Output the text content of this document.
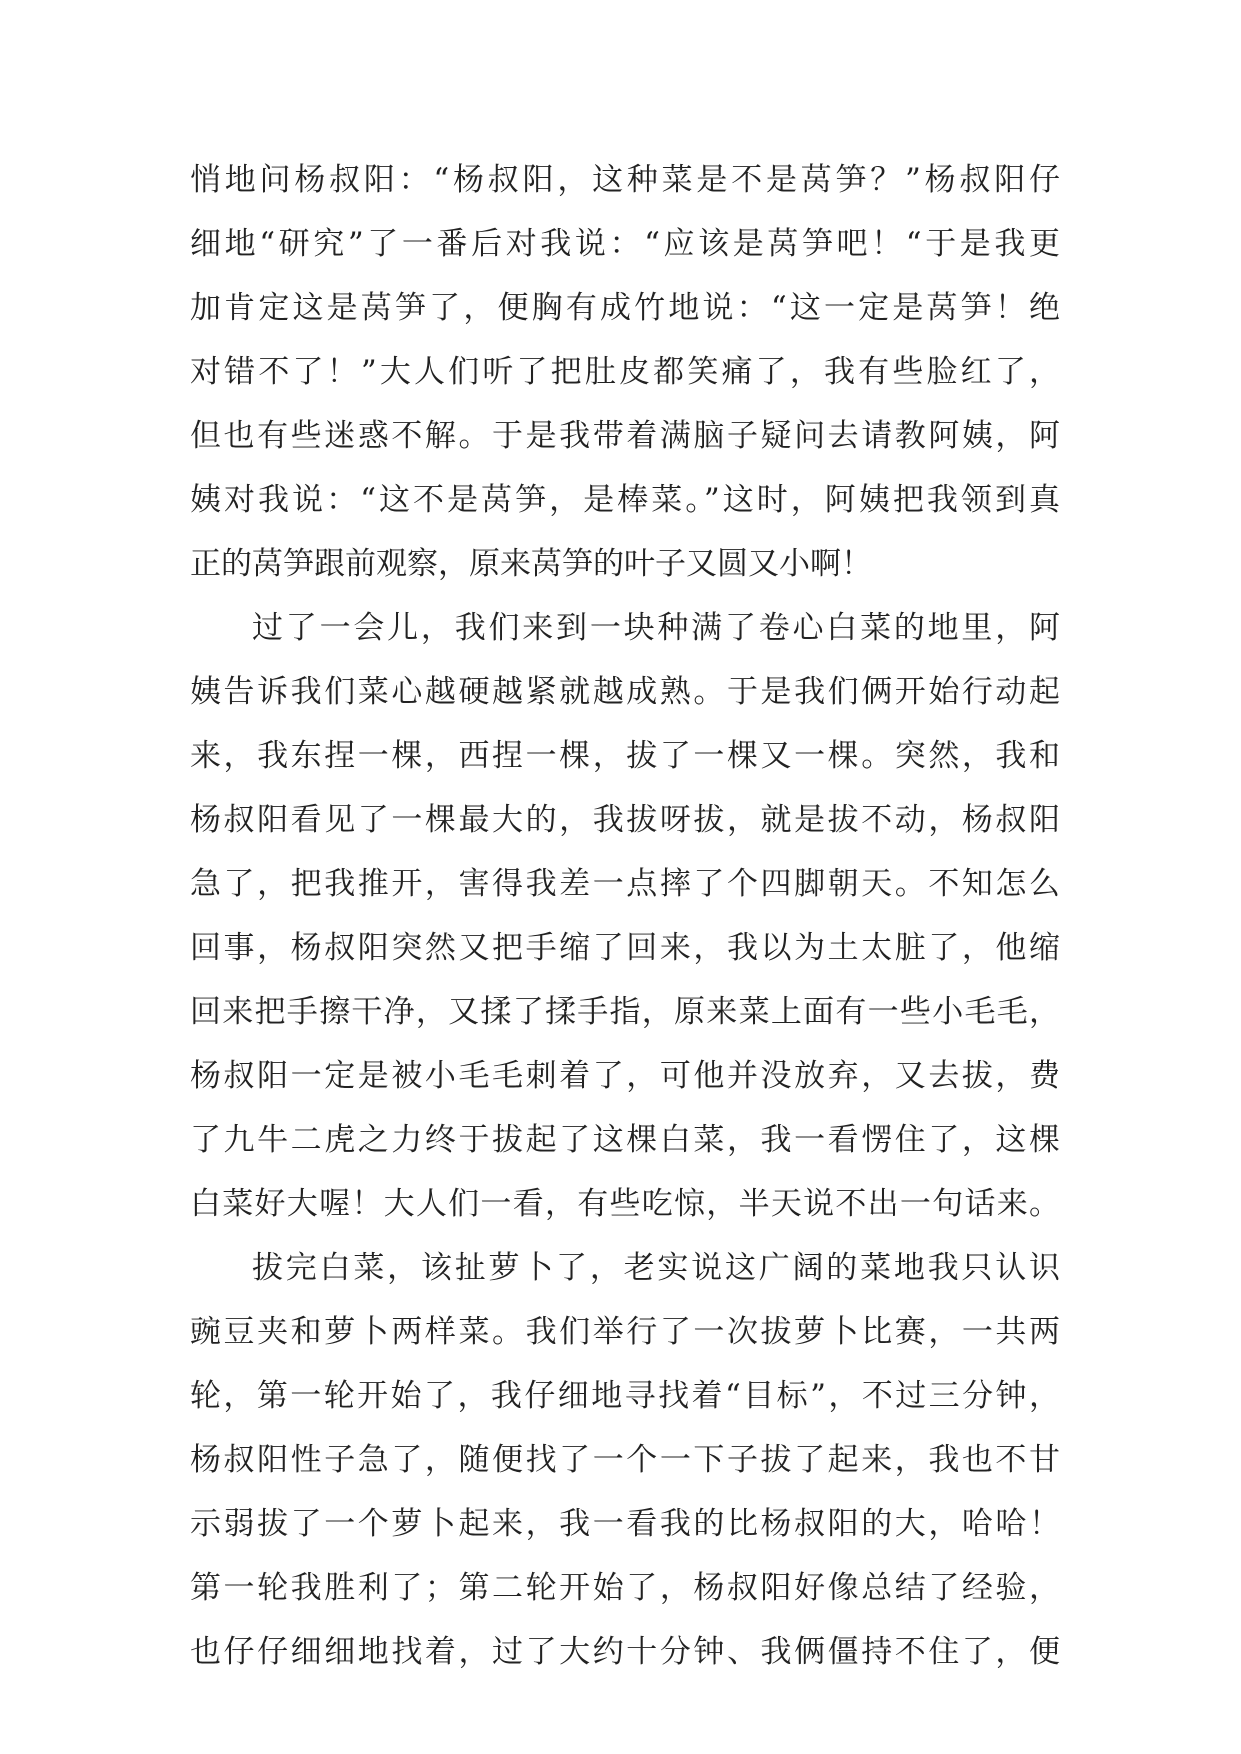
悄地问杨叔阳：“杨叔阳，这种菜是不是莴笋？”杨叔阳仔
细地“研究”了一番后对我说：“应该是莴笋吧！“于是我更
加肯定这是莴笋了，便胸有成竹地说：“这一定是莴笋！绝
对错不了！”大人们听了把肚皮都笑痛了，我有些脸红了，
但也有些迷惑不解。于是我带着满脑子疑问去请教阿姨，阿
姨对我说：“这不是莴笋，是棒菜。”这时，阿姨把我领到真
正的莴笋跟前观察，原来莴笋的叶子又圆又小啊！
过了一会儿，我们来到一块种满了卷心白菜的地里，阿
姨告诉我们菜心越硬越紧就越成熟。于是我们俩开始行动起
来，我东捏一棵，西捏一棵，拔了一棵又一棵。突然，我和
杨叔阳看见了一棵最大的，我拔呀拔，就是拔不动，杨叔阳
急了，把我推开，害得我差一点摔了个四脚朝天。不知怎么
回事，杨叔阳突然又把手缩了回来，我以为土太脏了，他缩
回来把手擦干净，又揉了揉手指，原来菜上面有一些小毛毛，
杨叔阳一定是被小毛毛刺着了，可他并没放弃，又去拔，费
了九牛二虎之力终于拔起了这棵白菜，我一看愣住了，这棵
白菜好大喔！大人们一看，有些吃惊，半天说不出一句话来。
拔完白菜，该扯萝卜了，老实说这广阔的菜地我只认识
豌豆夹和萝卜两样菜。我们举行了一次拔萝卜比赛，一共两
轮，第一轮开始了，我仔细地寻找着“目标”，不过三分钟，
杨叔阳性子急了，随便找了一个一下子拔了起来，我也不甘
示弱拔了一个萝卜起来，我一看我的比杨叔阳的大，哈哈！
第一轮我胜利了；第二轮开始了，杨叔阳好像总结了经验，
也仔仔细细地找着，过了大约十分钟、我俩僵持不住了，便
